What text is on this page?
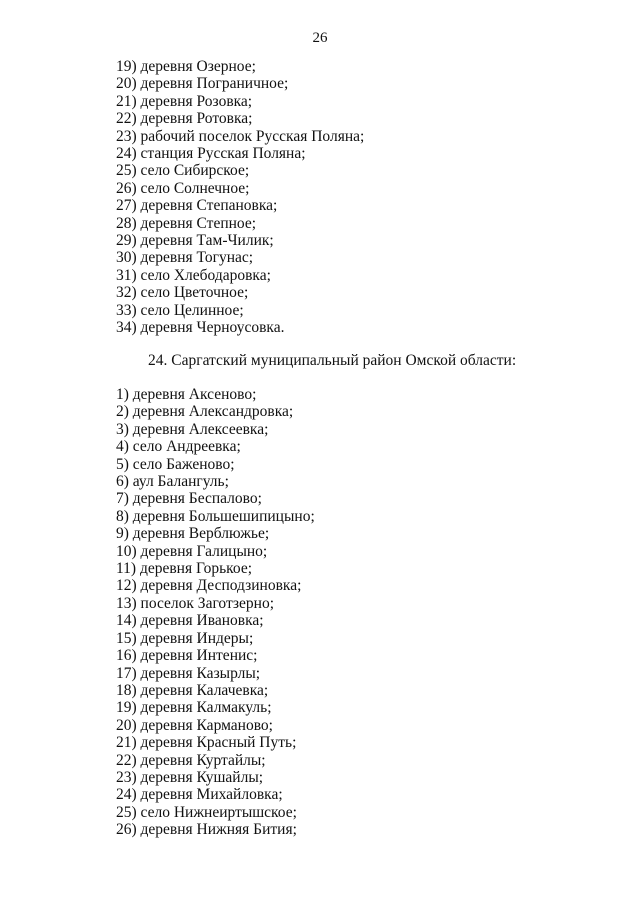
26
19) деревня Озерное;
20) деревня Пограничное;
21) деревня Розовка;
22) деревня Ротовка;
23) рабочий поселок Русская Поляна;
24) станция Русская Поляна;
25) село Сибирское;
26) село Солнечное;
27) деревня Степановка;
28) деревня Степное;
29) деревня Там-Чилик;
30) деревня Тогунас;
31) село Хлебодаровка;
32) село Цветочное;
33) село Целинное;
34) деревня Черноусовка.
24. Саргатский муниципальный район Омской области:
1) деревня Аксеново;
2) деревня Александровка;
3) деревня Алексеевка;
4) село Андреевка;
5) село Баженово;
6) аул Балангуль;
7) деревня Беспалово;
8) деревня Большешипицыно;
9) деревня Верблюжье;
10) деревня Галицыно;
11) деревня Горькое;
12) деревня Десподзиновка;
13) поселок Заготзерно;
14) деревня Ивановка;
15) деревня Индеры;
16) деревня Интенис;
17) деревня Казырлы;
18) деревня Калачевка;
19) деревня Калмакуль;
20) деревня Карманово;
21) деревня Красный Путь;
22) деревня Куртайлы;
23) деревня Кушайлы;
24) деревня Михайловка;
25) село Нижнеиртышское;
26) деревня Нижняя Бития;
